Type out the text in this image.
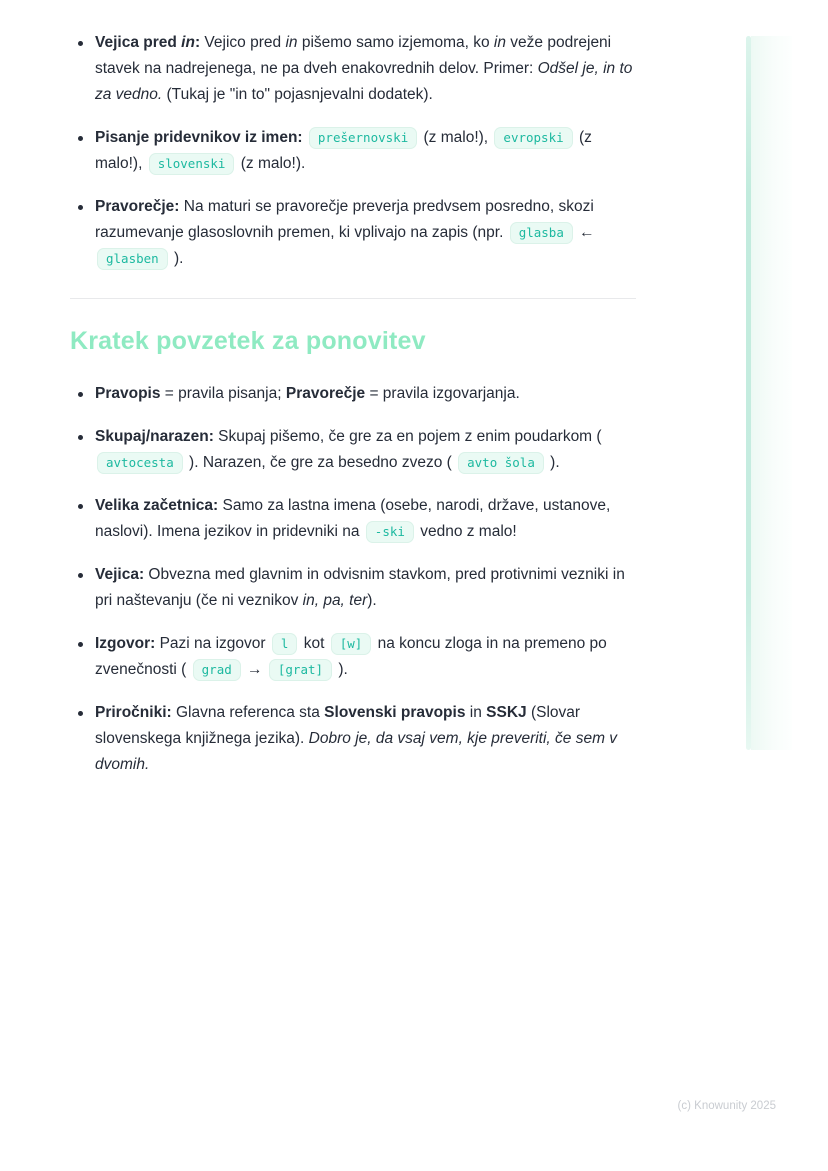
Vejica pred in: Vejico pred in pišemo samo izjemoma, ko in veže podrejeni stavek na nadrejenega, ne pa dveh enakovrednih delov. Primer: Odšel je, in to za vedno. (Tukaj je "in to" pojasnjevalni dodatek).
Pisanje pridevnikov iz imen: prešernovski (z malo!), evropski (z malo!), slovenski (z malo!).
Pravorečje: Na maturi se pravorečje preverja predvsem posredno, skozi razumevanje glasoslovnih premen, ki vplivajo na zapis (npr. glasba ← glasben ).
Kratek povzetek za ponovitev
Pravopis = pravila pisanja; Pravorečje = pravila izgovarjanja.
Skupaj/narazen: Skupaj pišemo, če gre za en pojem z enim poudarkom ( avtocesta ). Narazen, če gre za besedno zvezo ( avto šola ).
Velika začetnica: Samo za lastna imena (osebe, narodi, države, ustanove, naslovi). Imena jezikov in pridevniki na -ski vedno z malo!
Vejica: Obvezna med glavnim in odvisnim stavkom, pred protivnimi vezniki in pri naštevanju (če ni veznikov in, pa, ter).
Izgovor: Pazi na izgovor l kot [w] na koncu zloga in na premeno po zvenečnosti ( grad → [grat] ).
Priročniki: Glavna referenca sta Slovenski pravopis in SSKJ (Slovar slovenskega knjižnega jezika). Dobro je, da vsaj vem, kje preveriti, če sem v dvomih.
(c) Knowunity 2025
